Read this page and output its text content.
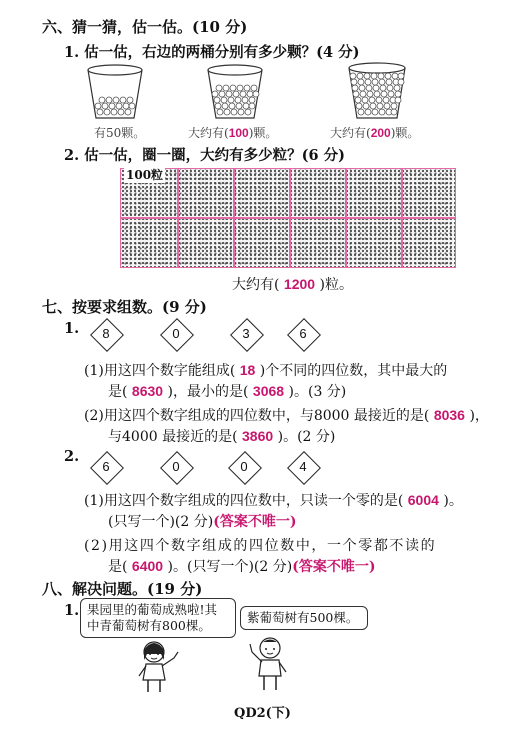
六、猜一猜，估一估。(10 分)
1. 估一估，右边的两桶分别有多少颗？(4 分)
有50颗。	大约有(100)颗。	大约有(200)颗。
2. 估一估，圈一圈，大约有多少粒？(6 分)
100粒
大约有( 1200 )粒。
七、按要求组数。(9 分)
1.	8	0	3	6
(1)用这四个数字能组成( 18 )个不同的四位数，其中最大的
是( 8630 )，最小的是( 3068 )。(3 分)
(2)用这四个数字组成的四位数中，与8000 最接近的是( 8036 )，
与4000 最接近的是( 3860 )。(2 分)
2.
6	0	0	4
(1)用这四个数字组成的四位数中，只读一个零的是( 6004 )。
(只写一个)(2 分)(答案不唯一)
(2)用这四个数字组成的四位数中，一个零都不读的
是( 6400 )。(只写一个)(2 分)(答案不唯一)
八、解决问题。(19 分)
1. 果园里的葡萄成熟啦!其中青葡萄树有800棵。
紫葡萄树有500棵。
QD2(下)
